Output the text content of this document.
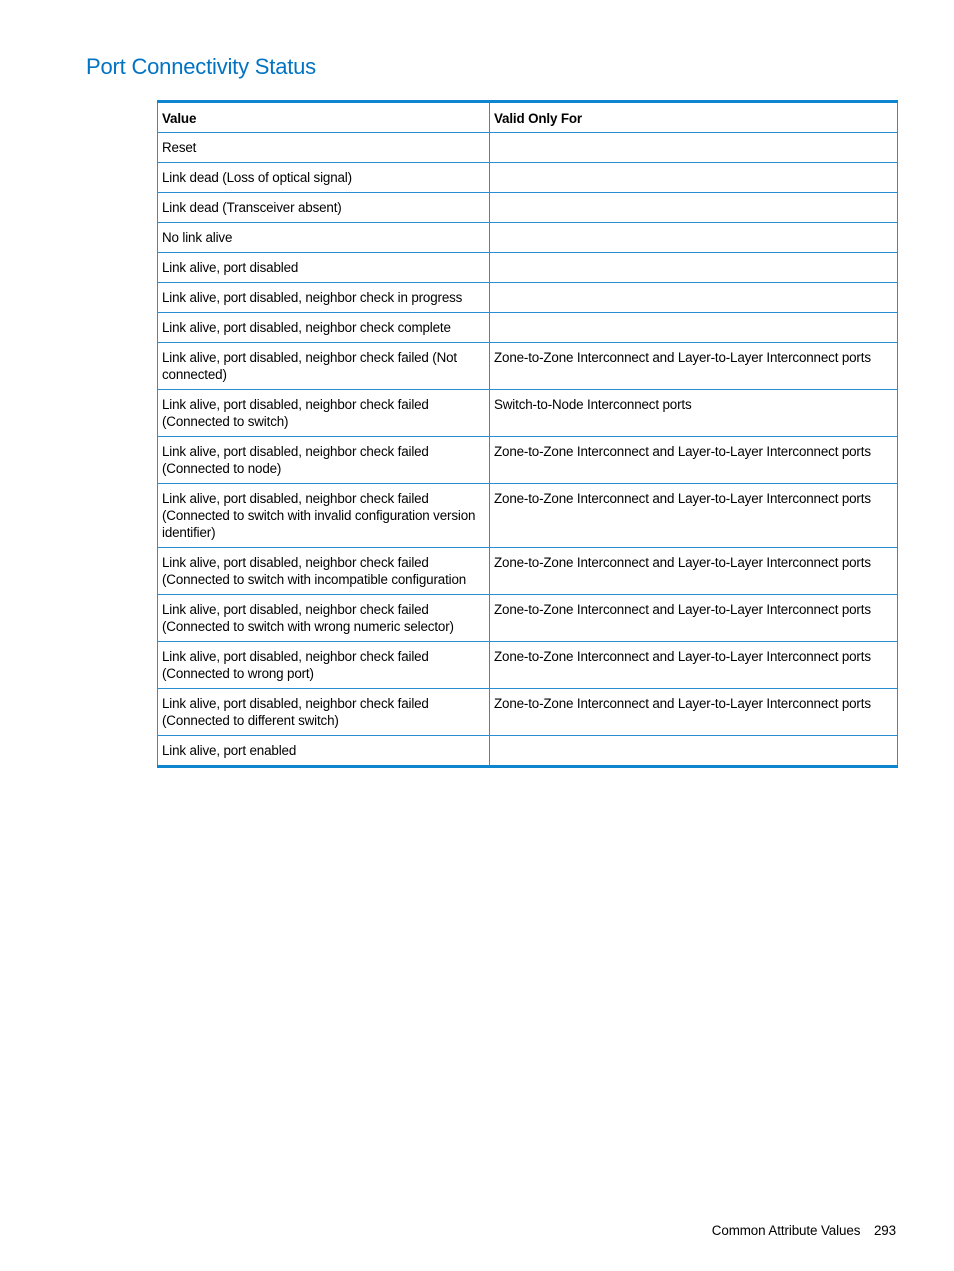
Port Connectivity Status
Value	Valid Only For
Reset	
Link dead (Loss of optical signal)	
Link dead (Transceiver absent)	
No link alive	
Link alive, port disabled	
Link alive, port disabled, neighbor check in progress	
Link alive, port disabled, neighbor check complete	
Link alive, port disabled, neighbor check failed (Not connected)	Zone-to-Zone Interconnect and Layer-to-Layer Interconnect ports
Link alive, port disabled, neighbor check failed (Connected to switch)	Switch-to-Node Interconnect ports
Link alive, port disabled, neighbor check failed (Connected to node)	Zone-to-Zone Interconnect and Layer-to-Layer Interconnect ports
Link alive, port disabled, neighbor check failed (Connected to switch with invalid configuration version identifier)	Zone-to-Zone Interconnect and Layer-to-Layer Interconnect ports
Link alive, port disabled, neighbor check failed (Connected to switch with incompatible configuration	Zone-to-Zone Interconnect and Layer-to-Layer Interconnect ports
Link alive, port disabled, neighbor check failed (Connected to switch with wrong numeric selector)	Zone-to-Zone Interconnect and Layer-to-Layer Interconnect ports
Link alive, port disabled, neighbor check failed (Connected to wrong port)	Zone-to-Zone Interconnect and Layer-to-Layer Interconnect ports
Link alive, port disabled, neighbor check failed (Connected to different switch)	Zone-to-Zone Interconnect and Layer-to-Layer Interconnect ports
Link alive, port enabled	
Common Attribute Values 293
